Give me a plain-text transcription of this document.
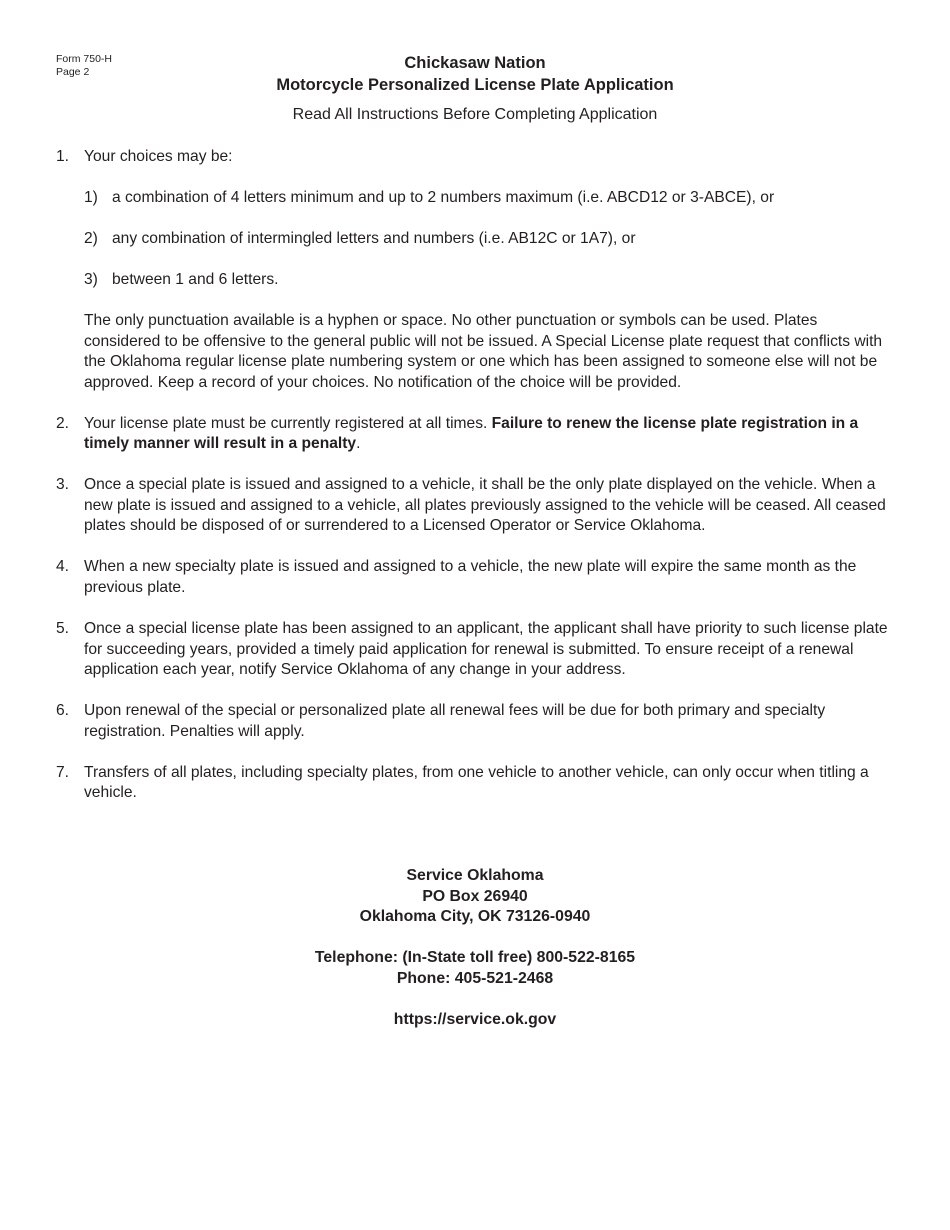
Form 750-H
Page 2	Chickasaw Nation
Motorcycle Personalized License Plate Application
Read All Instructions Before Completing Application
1. Your choices may be:
1) a combination of 4 letters minimum and up to 2 numbers maximum (i.e. ABCD12 or 3-ABCE), or
2) any combination of intermingled letters and numbers (i.e. AB12C or 1A7), or
3) between 1 and 6 letters.
The only punctuation available is a hyphen or space. No other punctuation or symbols can be used. Plates considered to be offensive to the general public will not be issued. A Special License plate request that conflicts with the Oklahoma regular license plate numbering system or one which has been assigned to someone else will not be approved. Keep a record of your choices. No notification of the choice will be provided.
2. Your license plate must be currently registered at all times. Failure to renew the license plate registration in a timely manner will result in a penalty.
3. Once a special plate is issued and assigned to a vehicle, it shall be the only plate displayed on the vehicle. When a new plate is issued and assigned to a vehicle, all plates previously assigned to the vehicle will be ceased. All ceased plates should be disposed of or surrendered to a Licensed Operator or Service Oklahoma.
4. When a new specialty plate is issued and assigned to a vehicle, the new plate will expire the same month as the previous plate.
5. Once a special license plate has been assigned to an applicant, the applicant shall have priority to such license plate for succeeding years, provided a timely paid application for renewal is submitted. To ensure receipt of a renewal application each year, notify Service Oklahoma of any change in your address.
6. Upon renewal of the special or personalized plate all renewal fees will be due for both primary and specialty registration. Penalties will apply.
7. Transfers of all plates, including specialty plates, from one vehicle to another vehicle, can only occur when titling a vehicle.
Service Oklahoma
PO Box 26940
Oklahoma City, OK 73126-0940
Telephone: (In-State toll free) 800-522-8165
Phone: 405-521-2468
https://service.ok.gov
